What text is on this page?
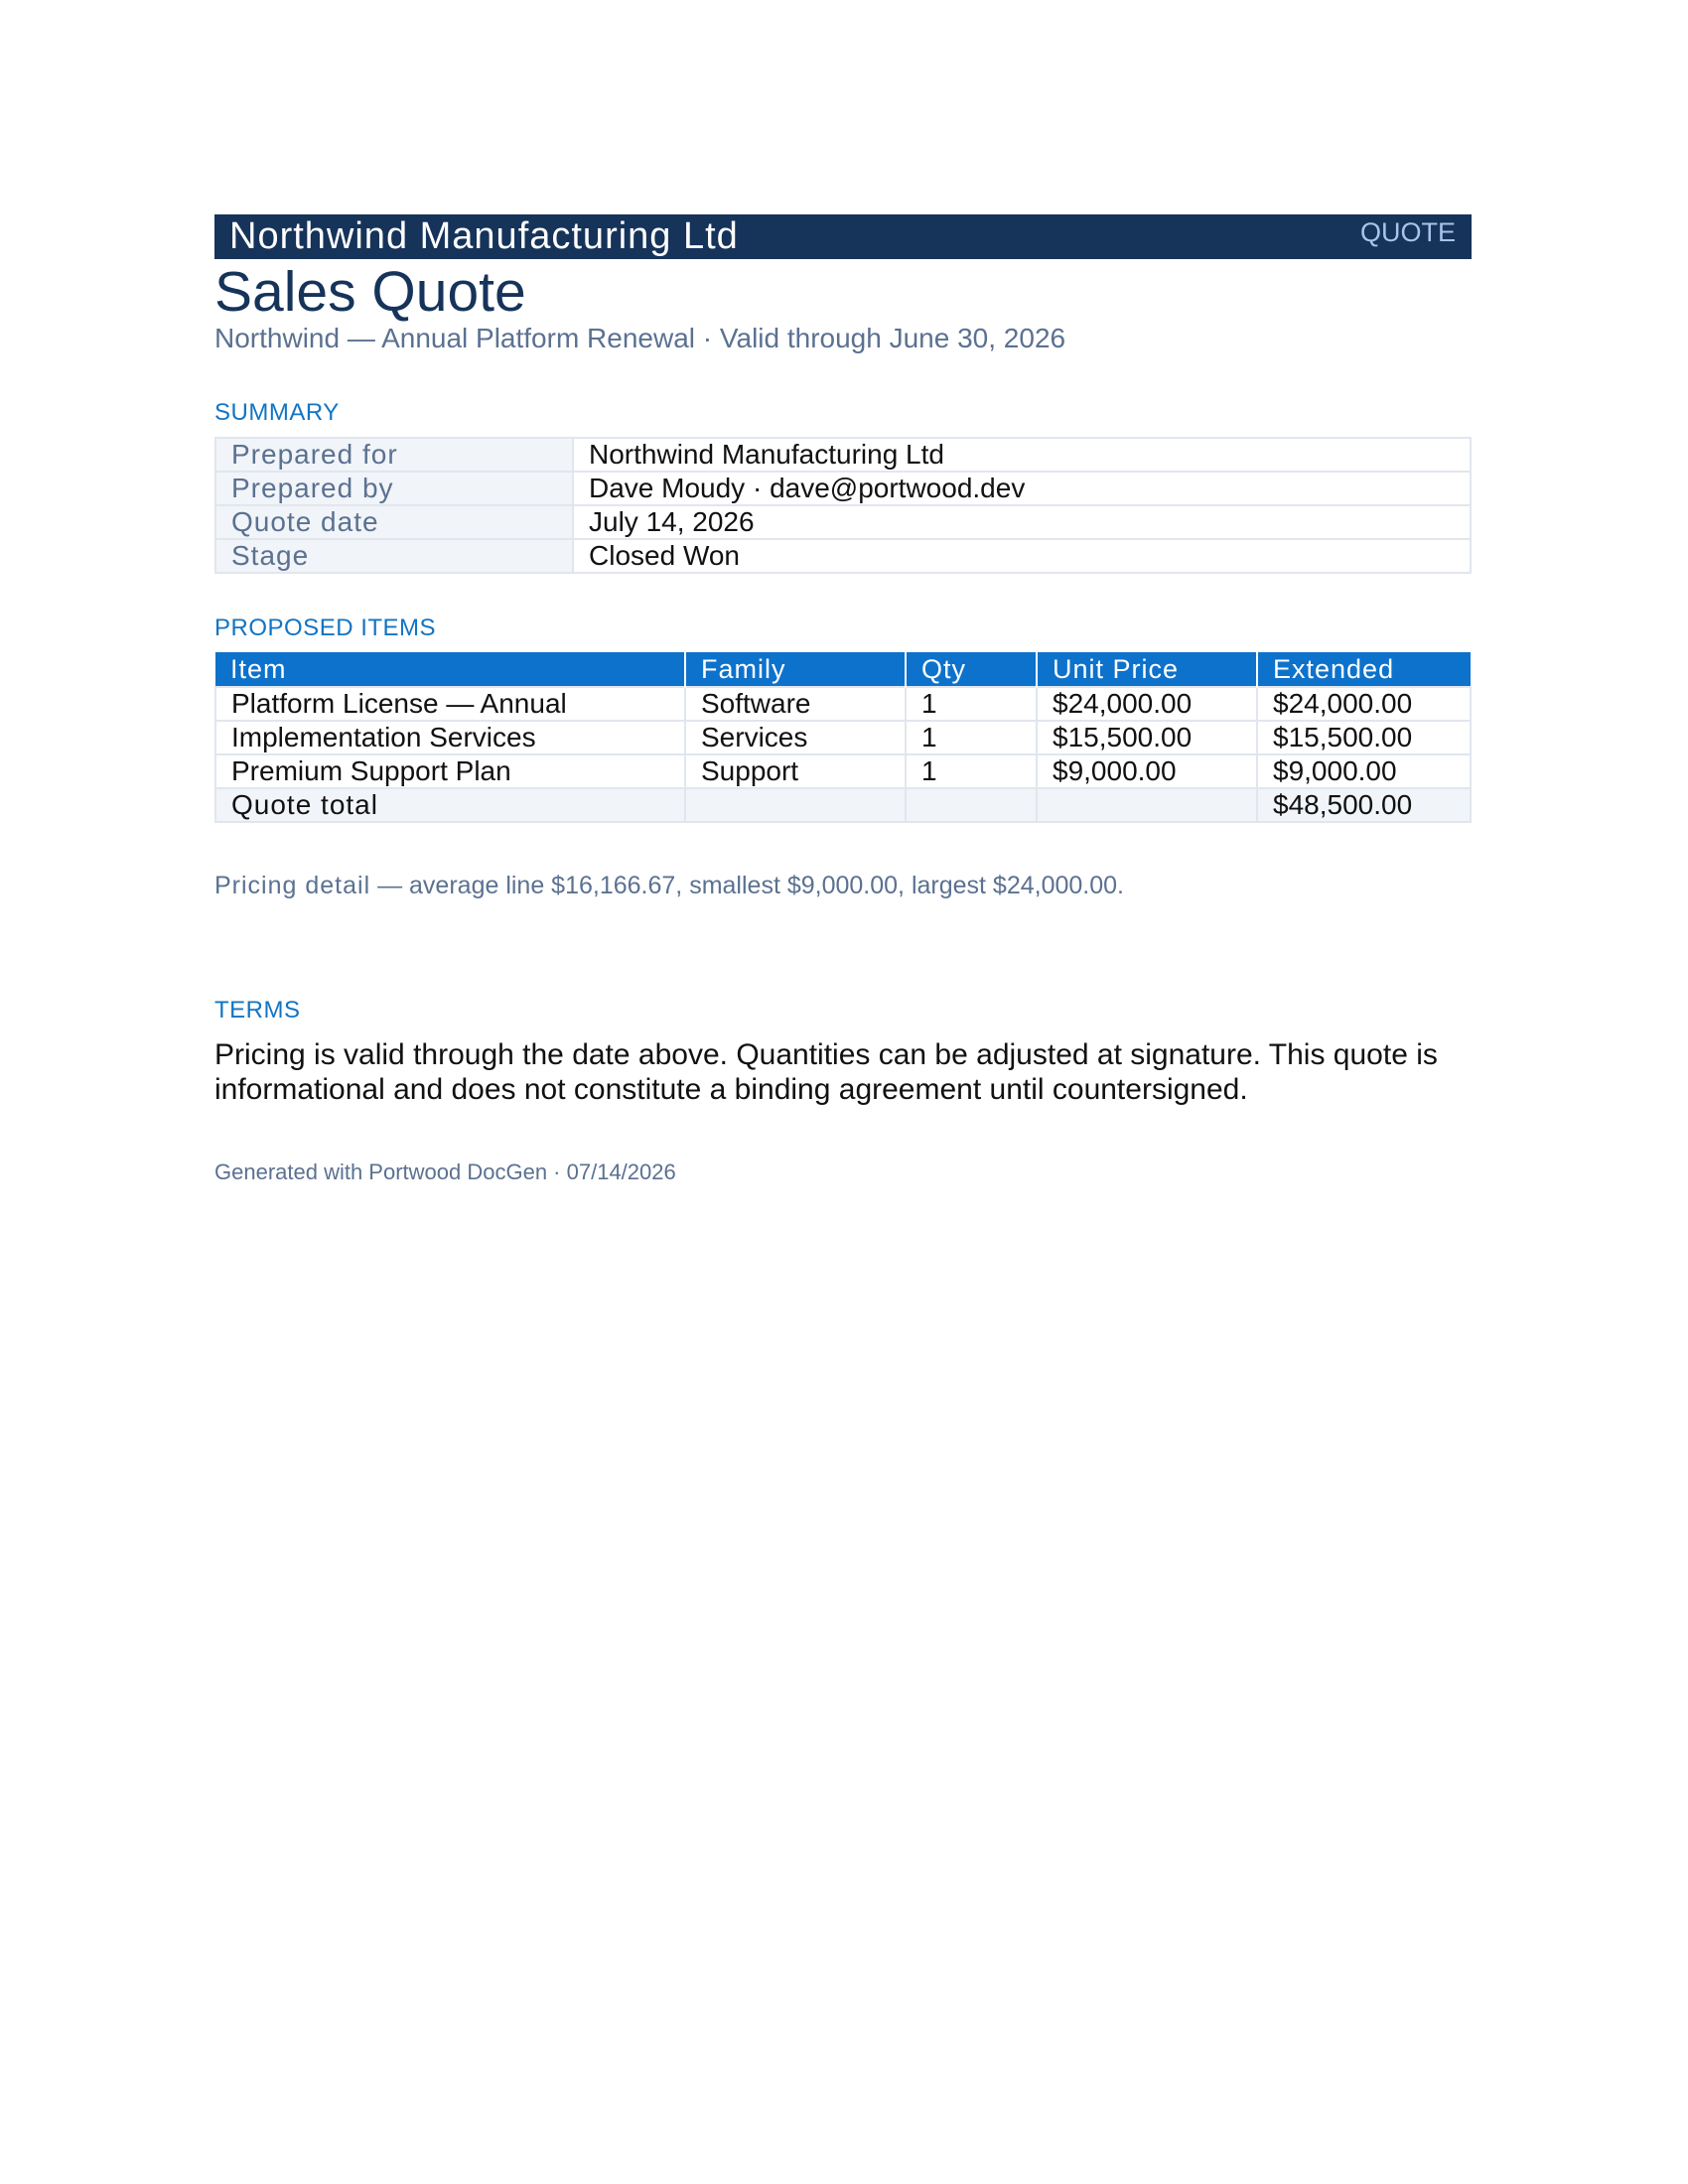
Northwind Manufacturing Ltd	QUOTE
Sales Quote
Northwind — Annual Platform Renewal · Valid through June 30, 2026
SUMMARY
Prepared for	Northwind Manufacturing Ltd
Prepared by	Dave Moudy · dave@portwood.dev
Quote date	July 14, 2026
Stage	Closed Won
PROPOSED ITEMS
Item	Family	Qty	Unit Price	Extended
Platform License — Annual	Software	1	$24,000.00	$24,000.00
Implementation Services	Services	1	$15,500.00	$15,500.00
Premium Support Plan	Support	1	$9,000.00	$9,000.00
Quote total				$48,500.00
Pricing detail — average line $16,166.67, smallest $9,000.00, largest $24,000.00.
TERMS
Pricing is valid through the date above. Quantities can be adjusted at signature. This quote is informational and does not constitute a binding agreement until countersigned.
Generated with Portwood DocGen · 07/14/2026
